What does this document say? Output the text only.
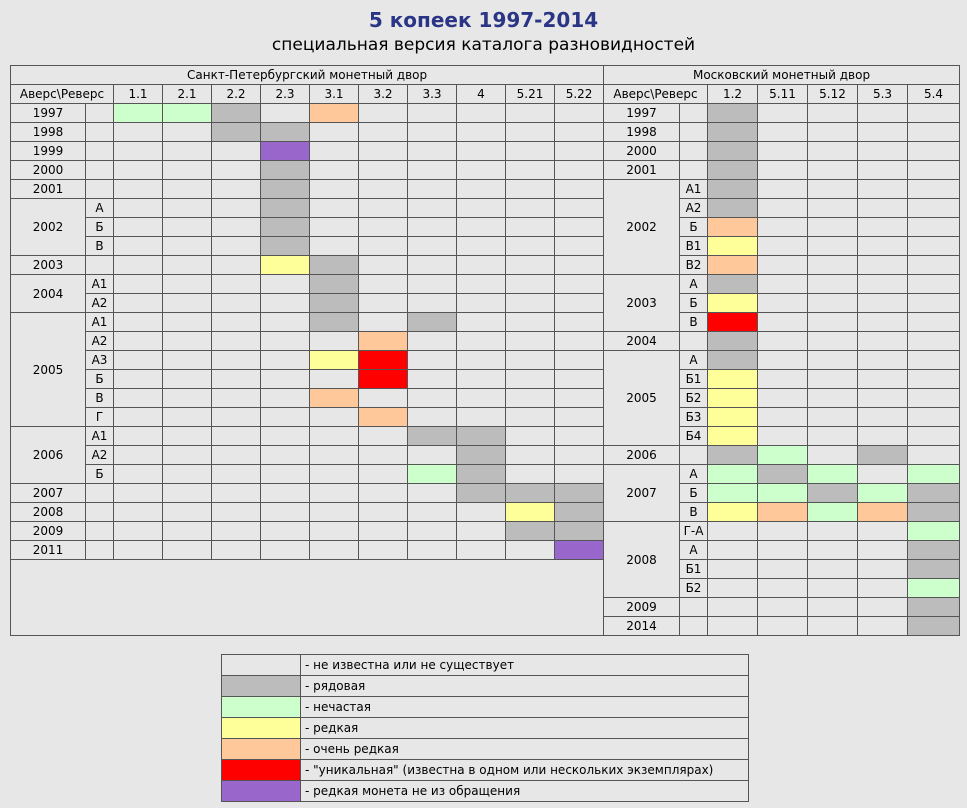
5 копеек 1997-2014
специальная версия каталога разновидностей
Санкт-Петербургский монетный двор											
Аверс\Реверс		1.1	2.1	2.2	2.3	3.1	3.2	3.3	4	5.21	5.22
1997											
1998											
1999											
2000											
2001											
2002	А										
	Б										
	В										
2003											
2004	А1										
	А2										
2005	А1										
	А2										
	А3										
	Б										
	В										
	Г										
2006	А1										
	А2										
	Б										
2007											
2008											
2009											
2011											

Московский монетный двор						
Аверс\Реверс		1.2	5.11	5.12	5.3	5.4
1997						
1998						
2000						
2001						
2002	А1					
	А2					
	Б					
	В1					
	В2					
2003	А					
	Б					
	В					
2004						
2005	А					
	Б1					
	Б2					
	Б3					
	Б4					
2006						
2007	А					
	Б					
	В					
2008	Г-А					
	А					
	Б1					
	Б2					
2009						
2014						
	- не известна или не существует
	- рядовая
	- нечастая
	- редкая
	- очень редкая
	- "уникальная" (известна в одном или нескольких экземплярах)
	- редкая монета не из обращения
